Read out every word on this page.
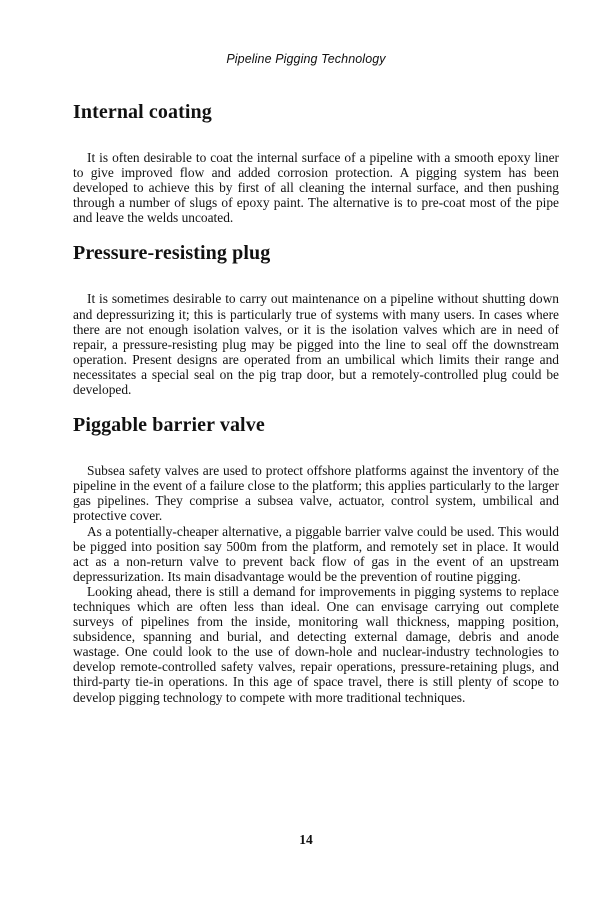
Pipeline Pigging Technology
Internal coating

It is often desirable to coat the internal surface of a pipeline with a smooth epoxy liner to give improved flow and added corrosion protection. A pigging system has been developed to achieve this by first of all cleaning the internal surface, and then pushing through a number of slugs of epoxy paint. The alternative is to pre-coat most of the pipe and leave the welds uncoated.

Pressure-resisting plug

It is sometimes desirable to carry out maintenance on a pipeline without shutting down and depressurizing it; this is particularly true of systems with many users. In cases where there are not enough isolation valves, or it is the isolation valves which are in need of repair, a pressure-resisting plug may be pigged into the line to seal off the downstream operation. Present designs are operated from an umbilical which limits their range and necessitates a special seal on the pig trap door, but a remotely-controlled plug could be developed.

Piggable barrier valve

Subsea safety valves are used to protect offshore platforms against the inventory of the pipeline in the event of a failure close to the platform; this applies particularly to the larger gas pipelines. They comprise a subsea valve, actuator, control system, umbilical and protective cover.

As a potentially-cheaper alternative, a piggable barrier valve could be used. This would be pigged into position say 500m from the platform, and remotely set in place. It would act as a non-return valve to prevent back flow of gas in the event of an upstream depressurization. Its main disadvantage would be the prevention of routine pigging.

Looking ahead, there is still a demand for improvements in pigging systems to replace techniques which are often less than ideal. One can envisage carrying out complete surveys of pipelines from the inside, monitoring wall thickness, mapping position, subsidence, spanning and burial, and detecting external damage, debris and anode wastage. One could look to the use of down-hole and nuclear-industry technologies to develop remote-controlled safety valves, repair operations, pressure-retaining plugs, and third-party tie-in operations. In this age of space travel, there is still plenty of scope to develop pigging technology to compete with more traditional techniques.

14
